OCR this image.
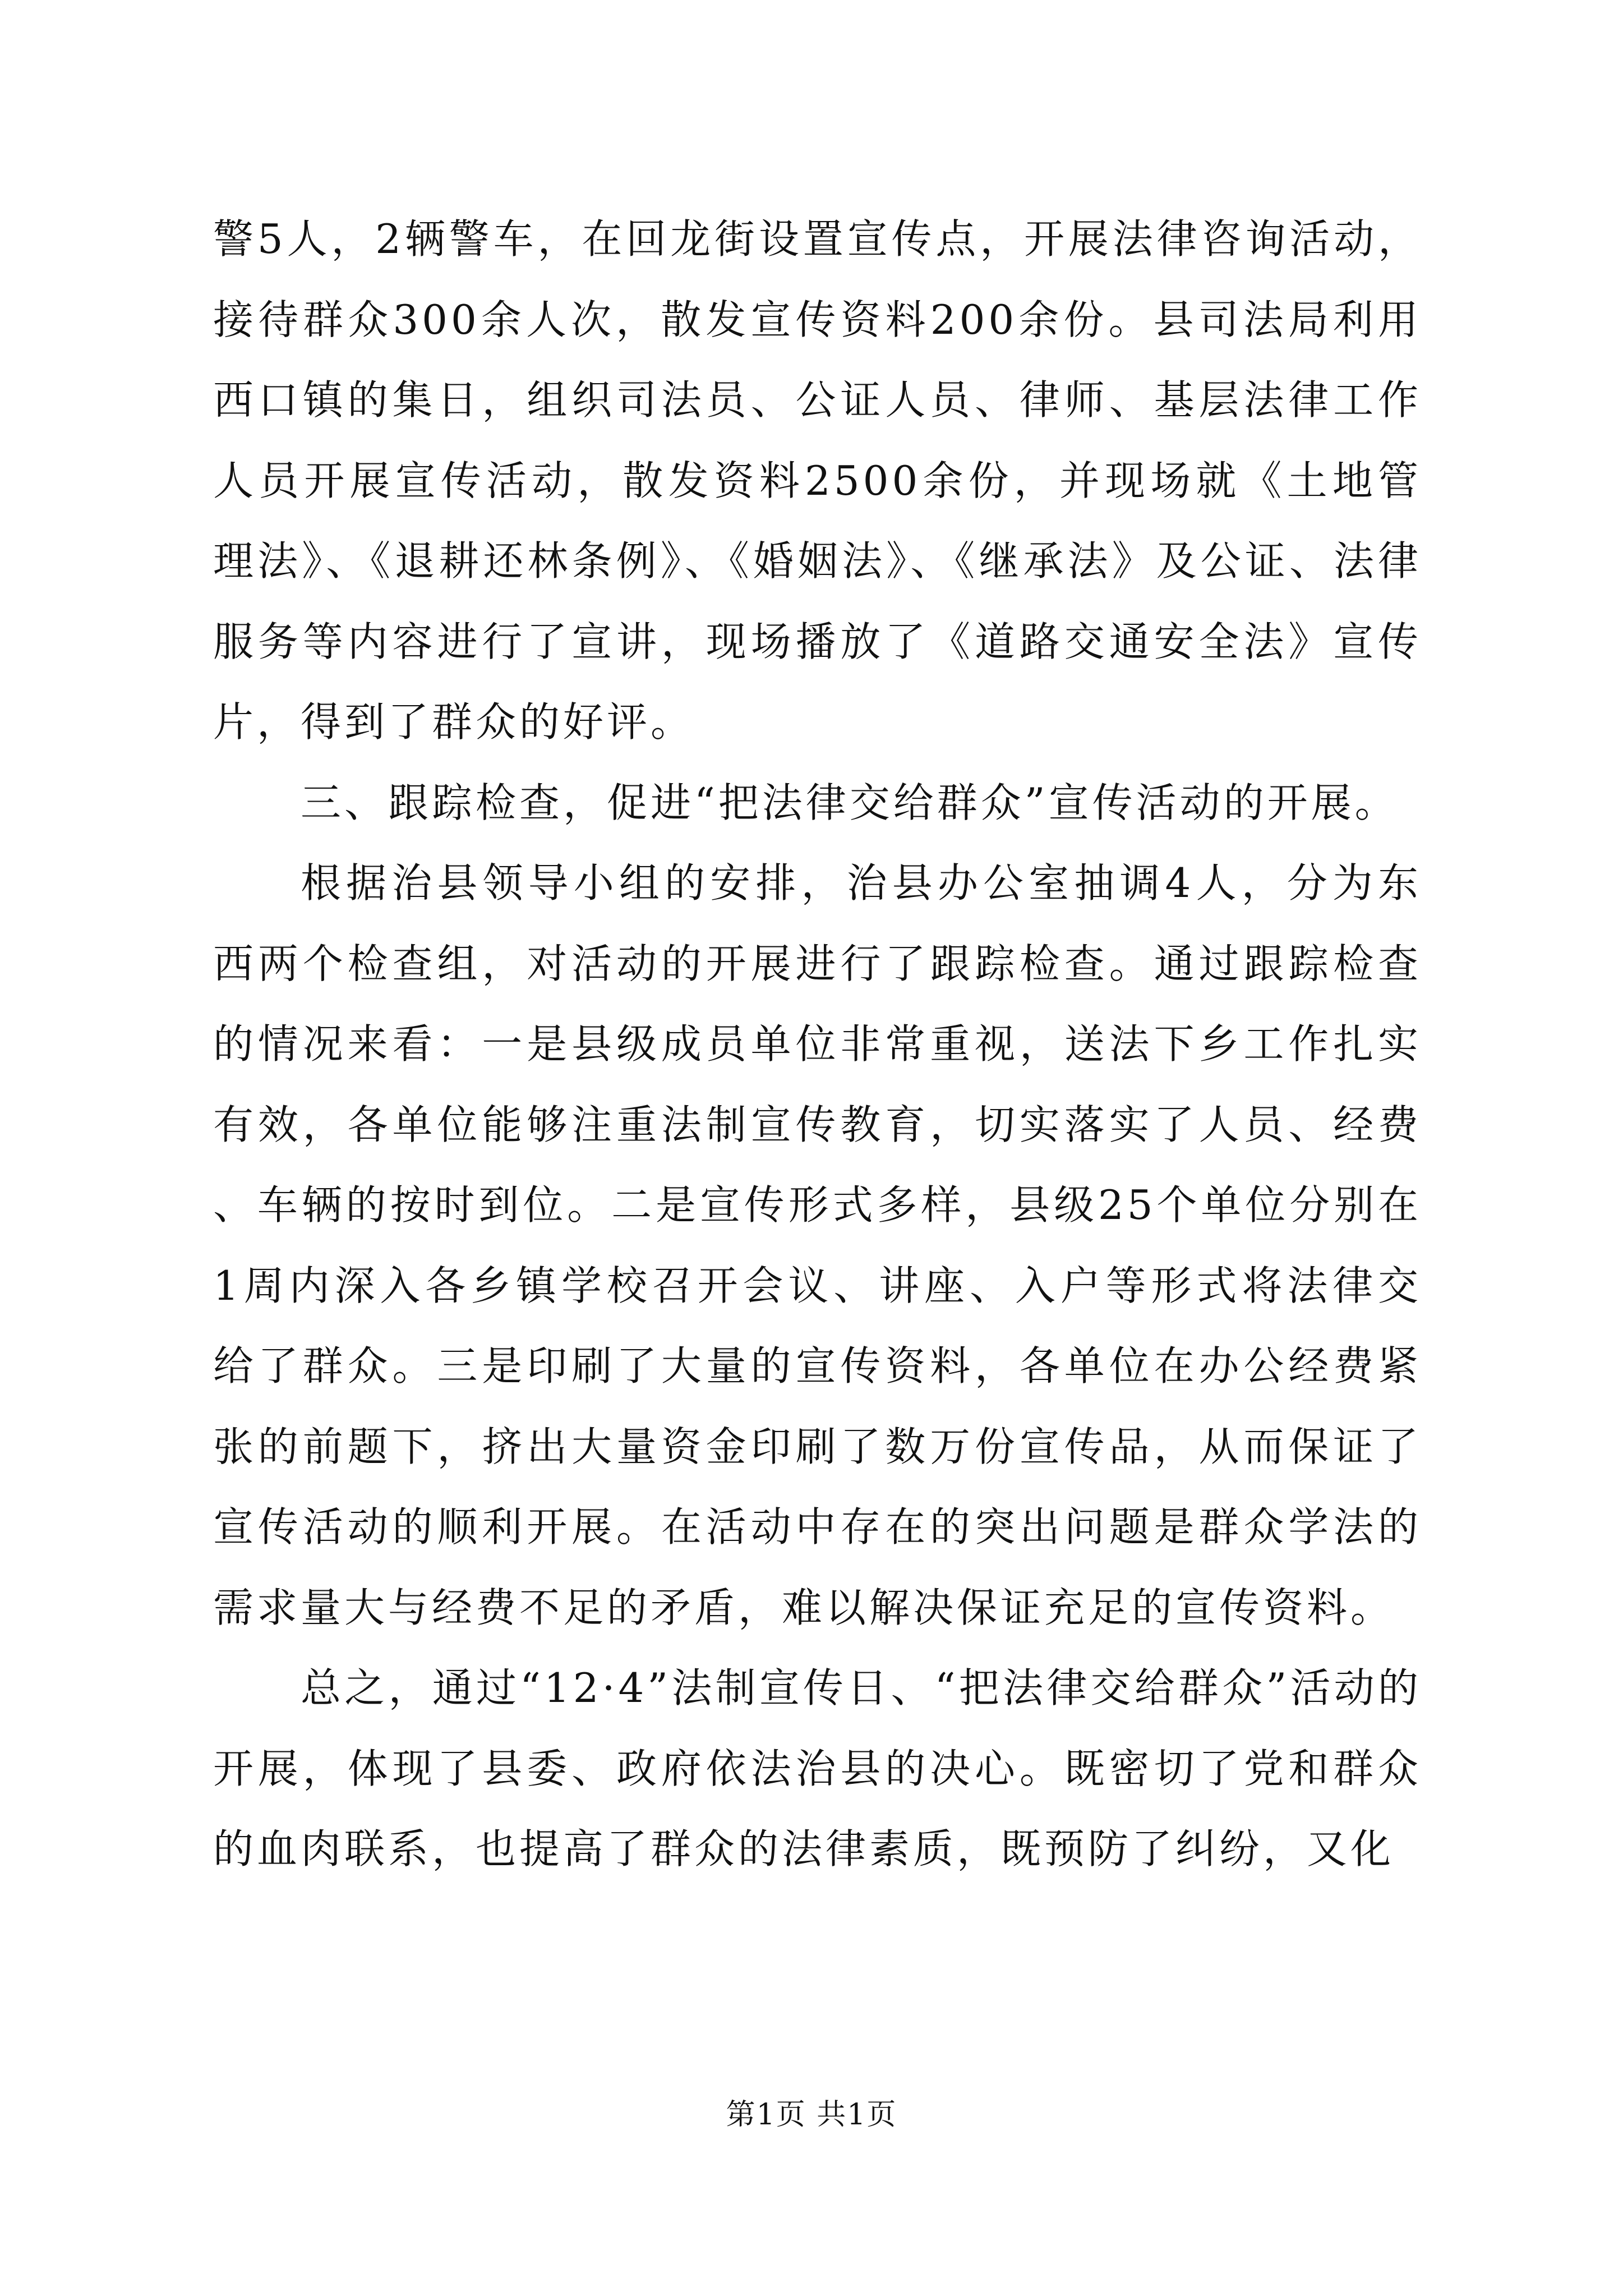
警5人，2辆警车，在回龙街设置宣传点，开展法律咨询活动，接待群众300余人次，散发宣传资料200余份。县司法局利用西口镇的集日，组织司法员、公证人员、律师、基层法律工作人员开展宣传活动，散发资料2500余份，并现场就《土地管理法》、《退耕还林条例》、《婚姻法》、《继承法》及公证、法律服务等内容进行了宣讲，现场播放了《道路交通安全法》宣传片，得到了群众的好评。

三、跟踪检查，促进“把法律交给群众”宣传活动的开展。

根据治县领导小组的安排，治县办公室抽调4人，分为东西两个检查组，对活动的开展进行了跟踪检查。通过跟踪检查的情况来看：一是县级成员单位非常重视，送法下乡工作扎实有效，各单位能够注重法制宣传教育，切实落实了人员、经费、车辆的按时到位。二是宣传形式多样，县级25个单位分别在1周内深入各乡镇学校召开会议、讲座、入户等形式将法律交给了群众。三是印刷了大量的宣传资料，各单位在办公经费紧张的前题下，挤出大量资金印刷了数万份宣传品，从而保证了宣传活动的顺利开展。在活动中存在的突出问题是群众学法的需求量大与经费不足的矛盾，难以解决保证充足的宣传资料。

总之，通过“12·4”法制宣传日、“把法律交给群众”活动的开展，体现了县委、政府依法治县的决心。既密切了党和群众的血肉联系，也提高了群众的法律素质，既预防了纠纷，又化

第1页 共1页
